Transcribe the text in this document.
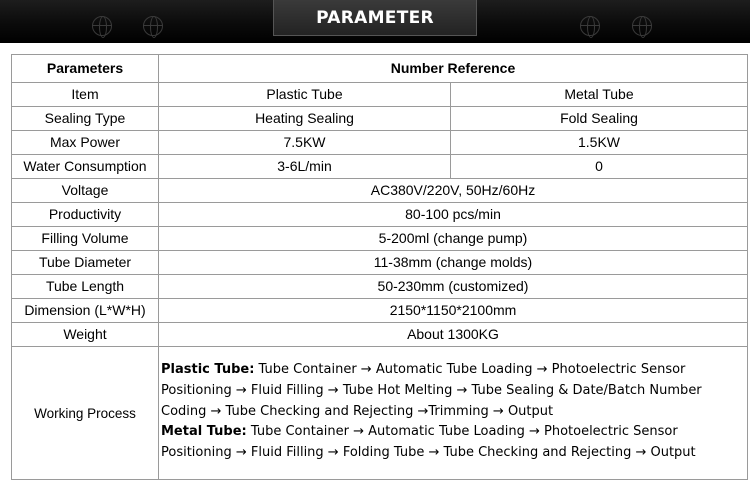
PARAMETER
Parameters	Number Reference	
Item	Plastic Tube	Metal Tube
Sealing Type	Heating Sealing	Fold Sealing
Max Power	7.5KW	1.5KW
Water Consumption	3-6L/min	0
Voltage	AC380V/220V, 50Hz/60Hz	
Productivity	80-100 pcs/min	
Filling Volume	5-200ml (change pump)	
Tube Diameter	11-38mm (change molds)	
Tube Length	50-230mm (customized)	
Dimension (L*W*H)	2150*1150*2100mm	
Weight	About 1300KG	
Working Process	Plastic Tube: Tube Container → Automatic Tube Loading → Photoelectric Sensor
Positioning → Fluid Filling → Tube Hot Melting → Tube Sealing & Date/Batch Number
Coding → Tube Checking and Rejecting →Trimming → Output
Metal Tube: Tube Container → Automatic Tube Loading → Photoelectric Sensor
Positioning → Fluid Filling → Folding Tube → Tube Checking and Rejecting → Output	
